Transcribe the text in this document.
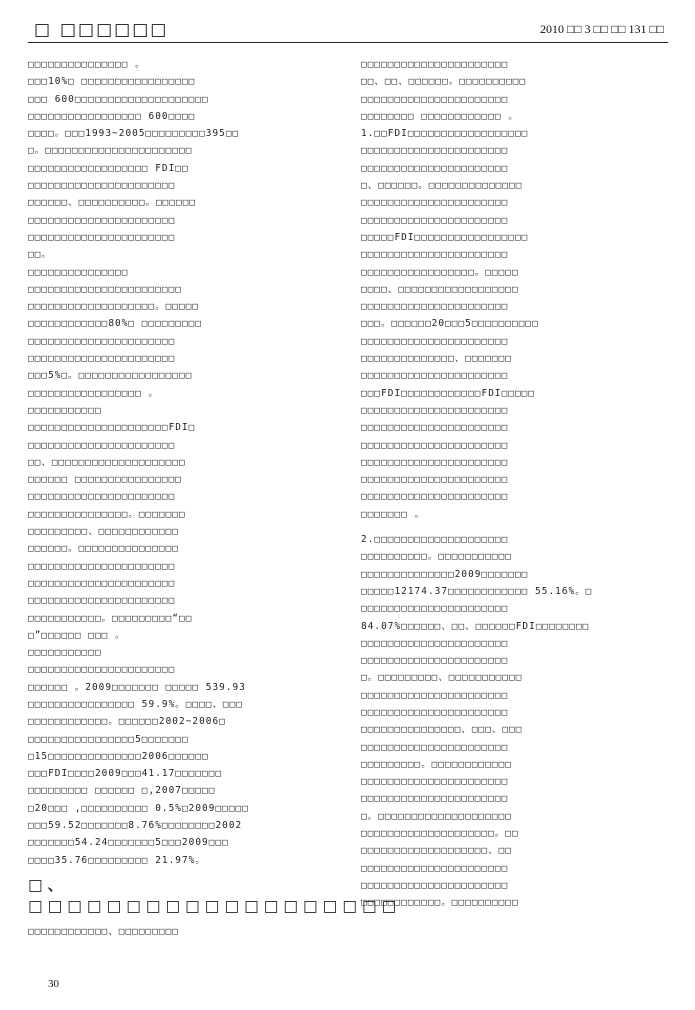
□ □□□□□□	2010 □□ 3 □□ □□ 131 □□
□□□□□□□□□□□□□□□ 。
□□□10%□ □□□□□□□□□□□□□□□□□
□□□ 600□□□□□□□□□□□□□□□□□□□□
□□□□□□□□□□□□□□□□□ 600□□□□
□□□□。□□□1993~2005□□□□□□□□□395□□
□。□□□□□□□□□□□□□□□□□□□□□□
□□□□□□□□□□□□□□□□□□ FDI□□
□□□□□□□□□□□□□□□□□□□□□□
□□□□□□、□□□□□□□□□□。□□□□□□
□□□□□□□□□□□□□□□□□□□□□□
□□□□□□□□□□□□□□□□□□□□□□
□□。
□□□□□□□□□□□□□□□
□□□□□□□□□□□□□□□□□□□□□□□
□□□□□□□□□□□□□□□□□□□。□□□□□
□□□□□□□□□□□□80%□ □□□□□□□□□
□□□□□□□□□□□□□□□□□□□□□□
□□□□□□□□□□□□□□□□□□□□□□
□□□5%□。□□□□□□□□□□□□□□□□□
□□□□□□□□□□□□□□□□□ 。
□□□□□□□□□□□
□□□□□□□□□□□□□□□□□□□□□FDI□
□□□□□□□□□□□□□□□□□□□□□□
□□、□□□□□□□□□□□□□□□□□□□□
□□□□□□ □□□□□□□□□□□□□□□□
□□□□□□□□□□□□□□□□□□□□□□
□□□□□□□□□□□□□□□。□□□□□□□
□□□□□□□□□、□□□□□□□□□□□□
□□□□□□。□□□□□□□□□□□□□□□
□□□□□□□□□□□□□□□□□□□□□□
□□□□□□□□□□□□□□□□□□□□□□
□□□□□□□□□□□□□□□□□□□□□□
□□□□□□□□□□□。□□□□□□□□□“□□
□”□□□□□□ □□□ 。
□□□□□□□□□□□
□□□□□□□□□□□□□□□□□□□□□□
□□□□□□ 。2009□□□□□□□ □□□□□ 539.93
□□□□□□□□□□□□□□□□ 59.9%。□□□□、□□□
□□□□□□□□□□□□。□□□□□□2002~2006□
□□□□□□□□□□□□□□□□5□□□□□□□
□15□□□□□□□□□□□□□□2006□□□□□□
□□□FDI□□□□2009□□□41.17□□□□□□□
□□□□□□□□□ □□□□□□ □,2007□□□□□
□20□□□ ,□□□□□□□□□□ 0.5%□2009□□□□□
□□□59.52□□□□□□□8.76%□□□□□□□□2002
□□□□□□□54.24□□□□□□□5□□□2009□□□
□□□□35.76□□□□□□□□□ 21.97%。
□、□□□□□□□□□□□□□□□□□□□
□□□□□□□□□□□□、□□□□□□□□□
□□□□□□□□□□□□□□□□□□□□□□
□□、□□、□□□□□□。□□□□□□□□□□
□□□□□□□□□□□□□□□□□□□□□□
□□□□□□□□ □□□□□□□□□□□□ 。
1.□□FDI□□□□□□□□□□□□□□□□□□
□□□□□□□□□□□□□□□□□□□□□□
□□□□□□□□□□□□□□□□□□□□□□
□、□□□□□□。□□□□□□□□□□□□□□
□□□□□□□□□□□□□□□□□□□□□□
□□□□□□□□□□□□□□□□□□□□□□
□□□□□FDI□□□□□□□□□□□□□□□□□
□□□□□□□□□□□□□□□□□□□□□□
□□□□□□□□□□□□□□□□□。□□□□□
□□□□、□□□□□□□□□□□□□□□□□□
□□□□□□□□□□□□□□□□□□□□□□
□□□。□□□□□□20□□□5□□□□□□□□□□
□□□□□□□□□□□□□□□□□□□□□□
□□□□□□□□□□□□□□、□□□□□□□
□□□□□□□□□□□□□□□□□□□□□□
□□□FDI□□□□□□□□□□□□FDI□□□□□
□□□□□□□□□□□□□□□□□□□□□□
□□□□□□□□□□□□□□□□□□□□□□
□□□□□□□□□□□□□□□□□□□□□□
□□□□□□□□□□□□□□□□□□□□□□
□□□□□□□□□□□□□□□□□□□□□□
□□□□□□□□□□□□□□□□□□□□□□
□□□□□□□ 。
2.□□□□□□□□□□□□□□□□□□□□
□□□□□□□□□□。□□□□□□□□□□□
□□□□□□□□□□□□□□2009□□□□□□□
□□□□□12174.37□□□□□□□□□□□□ 55.16%。□
□□□□□□□□□□□□□□□□□□□□□□
84.07%□□□□□□、□□、□□□□□□FDI□□□□□□□□
□□□□□□□□□□□□□□□□□□□□□□
□□□□□□□□□□□□□□□□□□□□□□
□。□□□□□□□□□、□□□□□□□□□□□
□□□□□□□□□□□□□□□□□□□□□□
□□□□□□□□□□□□□□□□□□□□□□
□□□□□□□□□□□□□□□、□□□、□□□
□□□□□□□□□□□□□□□□□□□□□□
□□□□□□□□□。□□□□□□□□□□□□
□□□□□□□□□□□□□□□□□□□□□□
□□□□□□□□□□□□□□□□□□□□□□
□。□□□□□□□□□□□□□□□□□□□□
□□□□□□□□□□□□□□□□□□□□。□□
□□□□□□□□□□□□□□□□□□□、□□
□□□□□□□□□□□□□□□□□□□□□□
□□□□□□□□□□□□□□□□□□□□□□
□□□□□□□□□□□□。□□□□□□□□□□
30
